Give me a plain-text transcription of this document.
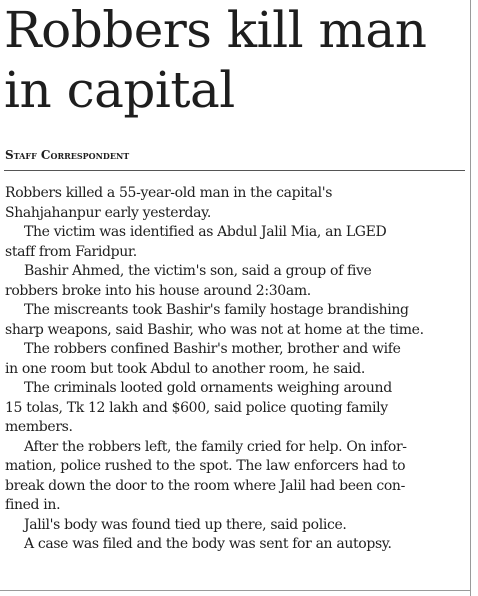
Robbers kill man
in capital
Staff Correspondent

Robbers killed a 55-year-old man in the capital's
Shahjahanpur early yesterday.

The victim was identified as Abdul Jalil Mia, an LGED
staff from Faridpur.

Bashir Ahmed, the victim's son, said a group of five
robbers broke into his house around 2:30am.

The miscreants took Bashir's family hostage brandishing
sharp weapons, said Bashir, who was not at home at the time.

The robbers confined Bashir's mother, brother and wife
in one room but took Abdul to another room, he said.

The criminals looted gold ornaments weighing around
15 tolas, Tk 12 lakh and $600, said police quoting family
members.

After the robbers left, the family cried for help. On infor-
mation, police rushed to the spot. The law enforcers had to
break down the door to the room where Jalil had been con-
fined in.

Jalil's body was found tied up there, said police.

A case was filed and the body was sent for an autopsy.
